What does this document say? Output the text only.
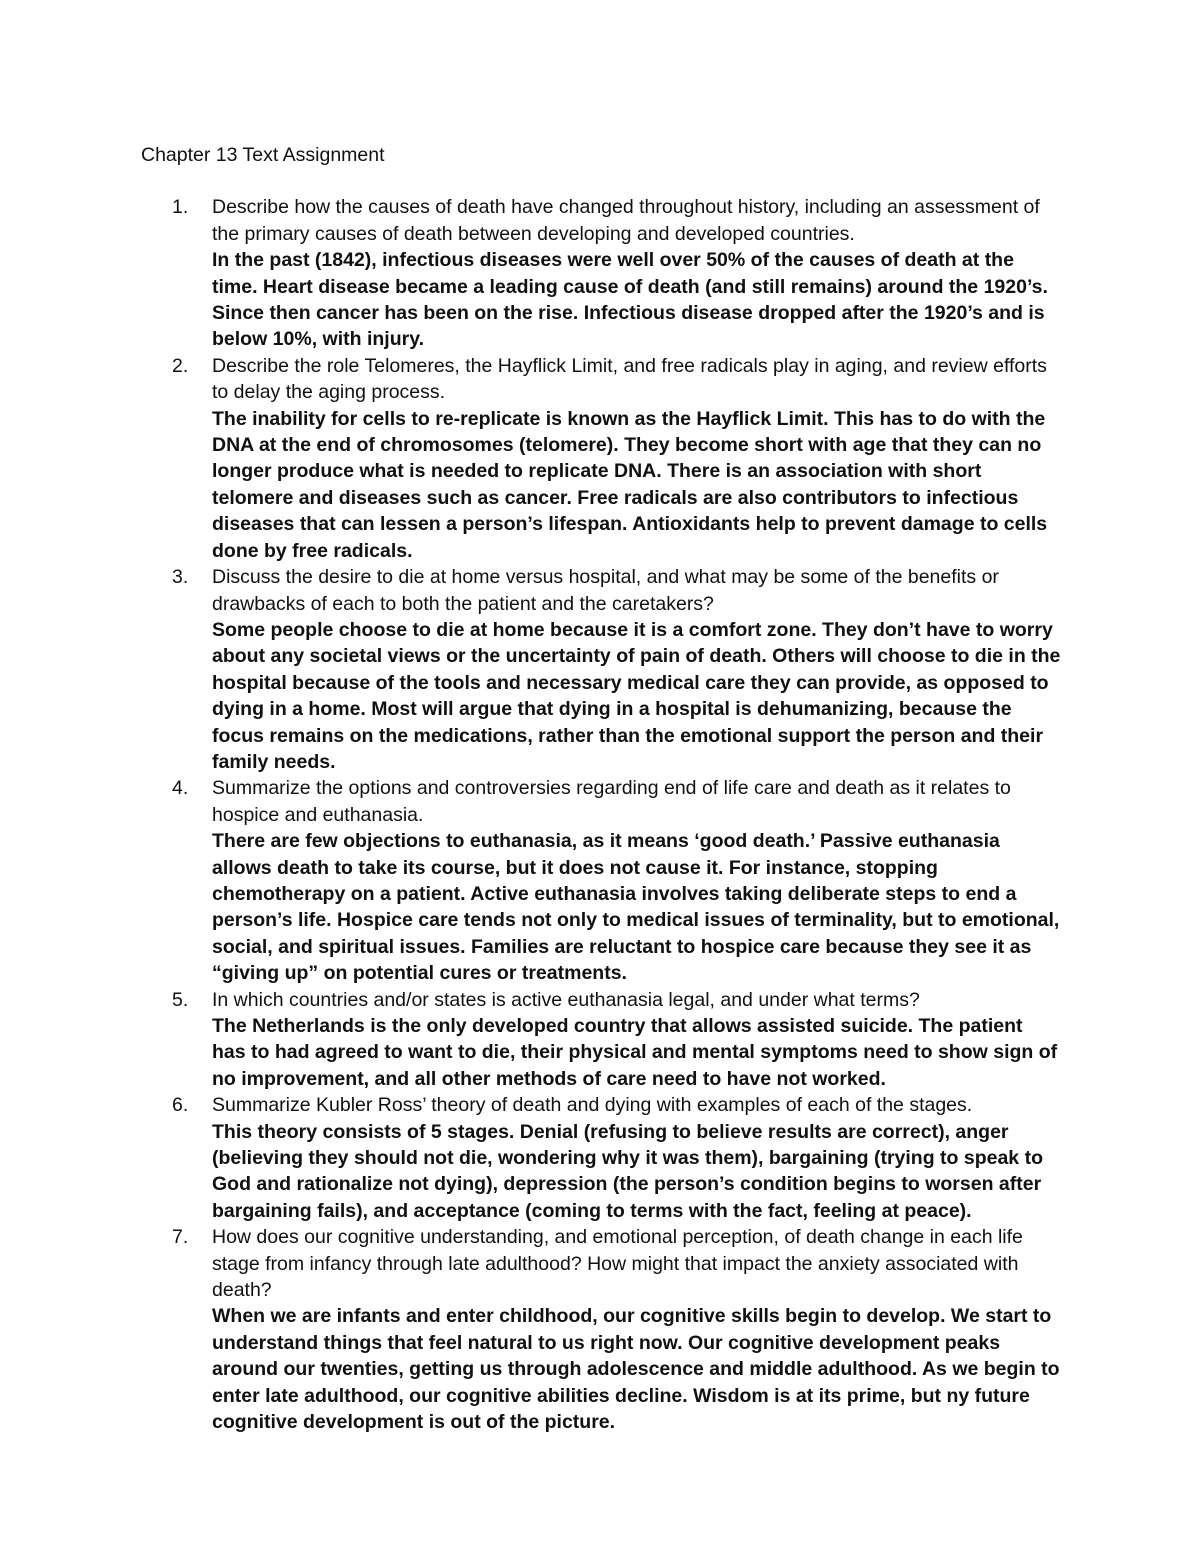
Chapter 13 Text Assignment
1. Describe how the causes of death have changed throughout history, including an assessment of the primary causes of death between developing and developed countries.

In the past (1842), infectious diseases were well over 50% of the causes of death at the time. Heart disease became a leading cause of death (and still remains) around the 1920’s. Since then cancer has been on the rise. Infectious disease dropped after the 1920’s and is below 10%, with injury.

2. Describe the role Telomeres, the Hayflick Limit, and free radicals play in aging, and review efforts to delay the aging process.

The inability for cells to re-replicate is known as the Hayflick Limit. This has to do with the DNA at the end of chromosomes (telomere). They become short with age that they can no longer produce what is needed to replicate DNA. There is an association with short telomere and diseases such as cancer. Free radicals are also contributors to infectious diseases that can lessen a person’s lifespan. Antioxidants help to prevent damage to cells done by free radicals.

3. Discuss the desire to die at home versus hospital, and what may be some of the benefits or drawbacks of each to both the patient and the caretakers?

Some people choose to die at home because it is a comfort zone. They don’t have to worry about any societal views or the uncertainty of pain of death. Others will choose to die in the hospital because of the tools and necessary medical care they can provide, as opposed to dying in a home. Most will argue that dying in a hospital is dehumanizing, because the focus remains on the medications, rather than the emotional support the person and their family needs.

4. Summarize the options and controversies regarding end of life care and death as it relates to hospice and euthanasia.

There are few objections to euthanasia, as it means ‘good death.’ Passive euthanasia allows death to take its course, but it does not cause it. For instance, stopping chemotherapy on a patient. Active euthanasia involves taking deliberate steps to end a person’s life. Hospice care tends not only to medical issues of terminality, but to emotional, social, and spiritual issues. Families are reluctant to hospice care because they see it as “giving up” on potential cures or treatments.

5. In which countries and/or states is active euthanasia legal, and under what terms?

The Netherlands is the only developed country that allows assisted suicide. The patient has to had agreed to want to die, their physical and mental symptoms need to show sign of no improvement, and all other methods of care need to have not worked.

6. Summarize Kubler Ross’ theory of death and dying with examples of each of the stages.

This theory consists of 5 stages. Denial (refusing to believe results are correct), anger (believing they should not die, wondering why it was them), bargaining (trying to speak to God and rationalize not dying), depression (the person’s condition begins to worsen after bargaining fails), and acceptance (coming to terms with the fact, feeling at peace).

7. How does our cognitive understanding, and emotional perception, of death change in each life stage from infancy through late adulthood? How might that impact the anxiety associated with death?

When we are infants and enter childhood, our cognitive skills begin to develop. We start to understand things that feel natural to us right now. Our cognitive development peaks around our twenties, getting us through adolescence and middle adulthood. As we begin to enter late adulthood, our cognitive abilities decline. Wisdom is at its prime, but ny future cognitive development is out of the picture.
